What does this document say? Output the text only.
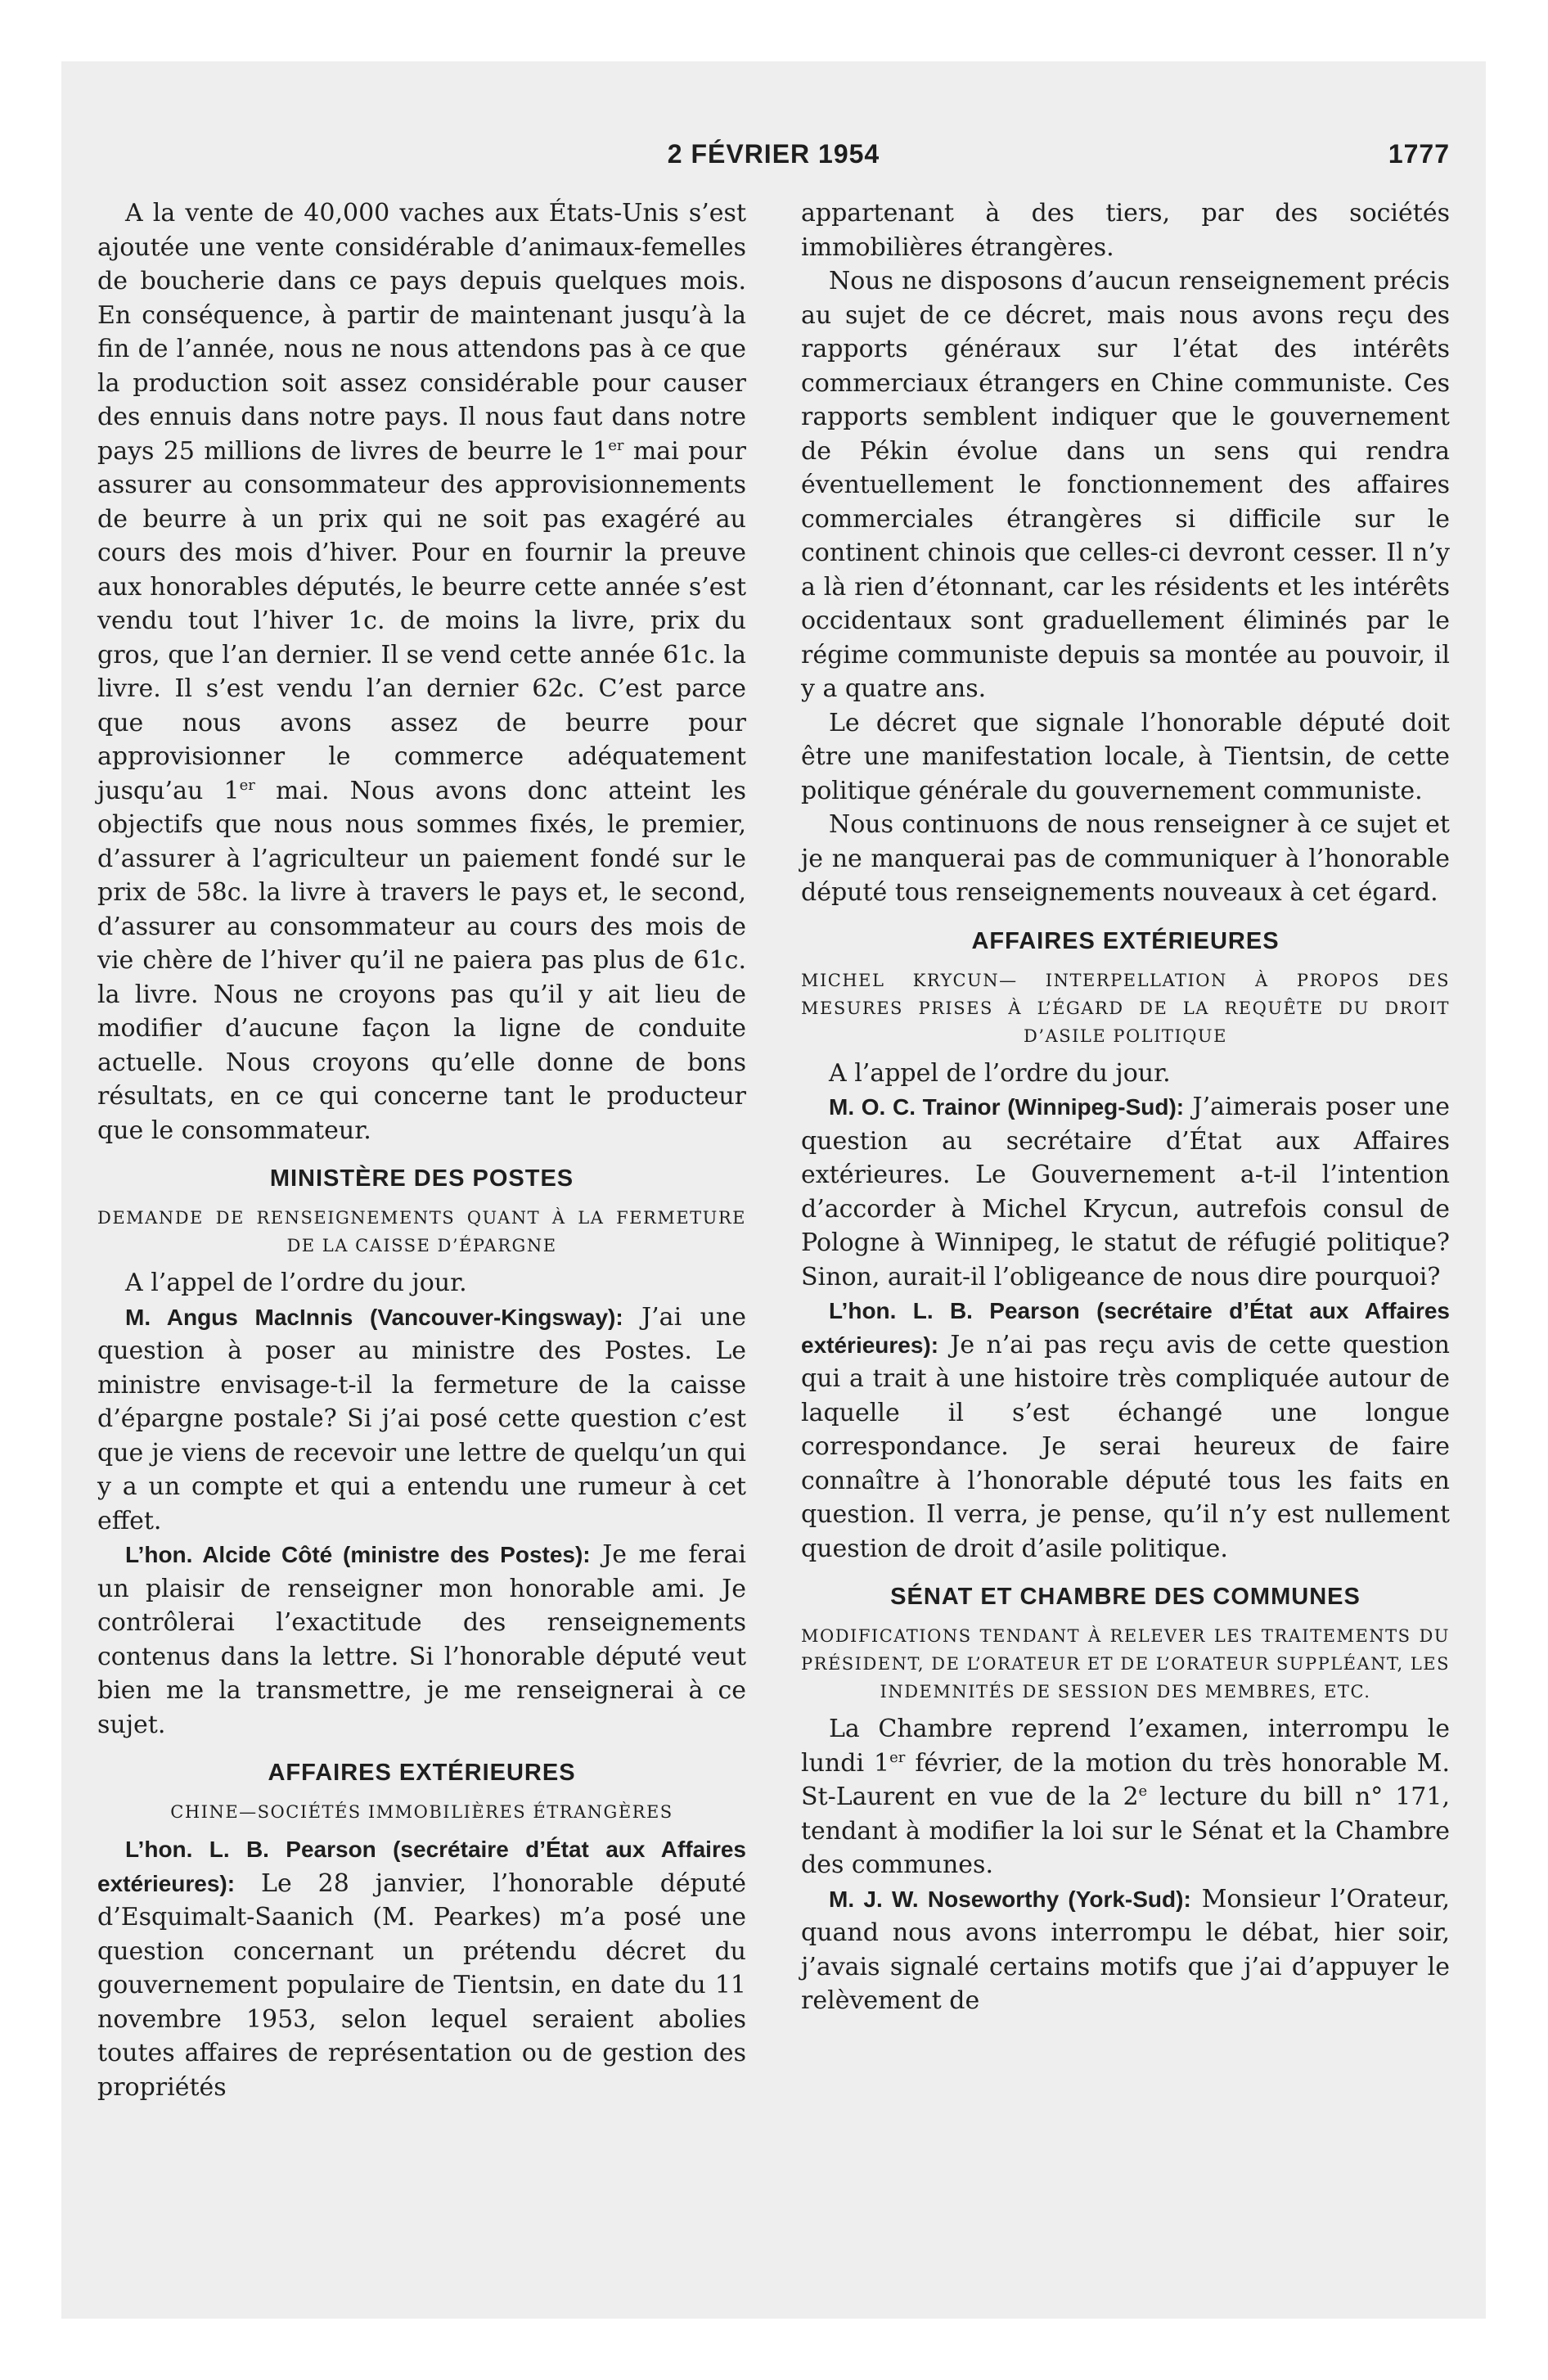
2 FÉVRIER 1954	1777

A la vente de 40,000 vaches aux États-Unis s’est ajoutée une vente considérable d’animaux-femelles de boucherie dans ce pays depuis quelques mois. En conséquence, à partir de maintenant jusqu’à la fin de l’année, nous ne nous attendons pas à ce que la production soit assez considérable pour causer des ennuis dans notre pays. Il nous faut dans notre pays 25 millions de livres de beurre le 1er mai pour assurer au consommateur des approvisionnements de beurre à un prix qui ne soit pas exagéré au cours des mois d’hiver. Pour en fournir la preuve aux honorables députés, le beurre cette année s’est vendu tout l’hiver 1c. de moins la livre, prix du gros, que l’an dernier. Il se vend cette année 61c. la livre. Il s’est vendu l’an dernier 62c. C’est parce que nous avons assez de beurre pour approvisionner le commerce adéquatement jusqu’au 1er mai. Nous avons donc atteint les objectifs que nous nous sommes fixés, le premier, d’assurer à l’agriculteur un paiement fondé sur le prix de 58c. la livre à travers le pays et, le second, d’assurer au consommateur au cours des mois de vie chère de l’hiver qu’il ne paiera pas plus de 61c. la livre. Nous ne croyons pas qu’il y ait lieu de modifier d’aucune façon la ligne de conduite actuelle. Nous croyons qu’elle donne de bons résultats, en ce qui concerne tant le producteur que le consommateur.

MINISTÈRE DES POSTES
DEMANDE DE RENSEIGNEMENTS QUANT À LA FERMETURE DE LA CAISSE D’ÉPARGNE

A l’appel de l’ordre du jour.

M. Angus MacInnis (Vancouver-Kingsway): J’ai une question à poser au ministre des Postes. Le ministre envisage-t-il la fermeture de la caisse d’épargne postale? Si j’ai posé cette question c’est que je viens de recevoir une lettre de quelqu’un qui y a un compte et qui a entendu une rumeur à cet effet.

L’hon. Alcide Côté (ministre des Postes): Je me ferai un plaisir de renseigner mon honorable ami. Je contrôlerai l’exactitude des renseignements contenus dans la lettre. Si l’honorable député veut bien me la transmettre, je me renseignerai à ce sujet.

AFFAIRES EXTÉRIEURES
CHINE—SOCIÉTÉS IMMOBILIÈRES ÉTRANGÈRES

L’hon. L. B. Pearson (secrétaire d’État aux Affaires extérieures): Le 28 janvier, l’honorable député d’Esquimalt-Saanich (M. Pearkes) m’a posé une question concernant un prétendu décret du gouvernement populaire de Tientsin, en date du 11 novembre 1953, selon lequel seraient abolies toutes affaires de représentation ou de gestion des propriétés

appartenant à des tiers, par des sociétés immobilières étrangères.

Nous ne disposons d’aucun renseignement précis au sujet de ce décret, mais nous avons reçu des rapports généraux sur l’état des intérêts commerciaux étrangers en Chine communiste. Ces rapports semblent indiquer que le gouvernement de Pékin évolue dans un sens qui rendra éventuellement le fonctionnement des affaires commerciales étrangères si difficile sur le continent chinois que celles-ci devront cesser. Il n’y a là rien d’étonnant, car les résidents et les intérêts occidentaux sont graduellement éliminés par le régime communiste depuis sa montée au pouvoir, il y a quatre ans.

Le décret que signale l’honorable député doit être une manifestation locale, à Tientsin, de cette politique générale du gouvernement communiste.

Nous continuons de nous renseigner à ce sujet et je ne manquerai pas de communiquer à l’honorable député tous renseignements nouveaux à cet égard.

AFFAIRES EXTÉRIEURES
MICHEL KRYCUN— INTERPELLATION À PROPOS DES MESURES PRISES À L’ÉGARD DE LA REQUÊTE DU DROIT D’ASILE POLITIQUE

A l’appel de l’ordre du jour.

M. O. C. Trainor (Winnipeg-Sud): J’aimerais poser une question au secrétaire d’État aux Affaires extérieures. Le Gouvernement a-t-il l’intention d’accorder à Michel Krycun, autrefois consul de Pologne à Winnipeg, le statut de réfugié politique? Sinon, aurait-il l’obligeance de nous dire pourquoi?

L’hon. L. B. Pearson (secrétaire d’État aux Affaires extérieures): Je n’ai pas reçu avis de cette question qui a trait à une histoire très compliquée autour de laquelle il s’est échangé une longue correspondance. Je serai heureux de faire connaître à l’honorable député tous les faits en question. Il verra, je pense, qu’il n’y est nullement question de droit d’asile politique.

SÉNAT ET CHAMBRE DES COMMUNES
MODIFICATIONS TENDANT À RELEVER LES TRAITEMENTS DU PRÉSIDENT, DE L’ORATEUR ET DE L’ORATEUR SUPPLÉANT, LES INDEMNITÉS DE SESSION DES MEMBRES, ETC.

La Chambre reprend l’examen, interrompu le lundi 1er février, de la motion du très honorable M. St-Laurent en vue de la 2e lecture du bill n° 171, tendant à modifier la loi sur le Sénat et la Chambre des communes.

M. J. W. Noseworthy (York-Sud): Monsieur l’Orateur, quand nous avons interrompu le débat, hier soir, j’avais signalé certains motifs que j’ai d’appuyer le relèvement de
